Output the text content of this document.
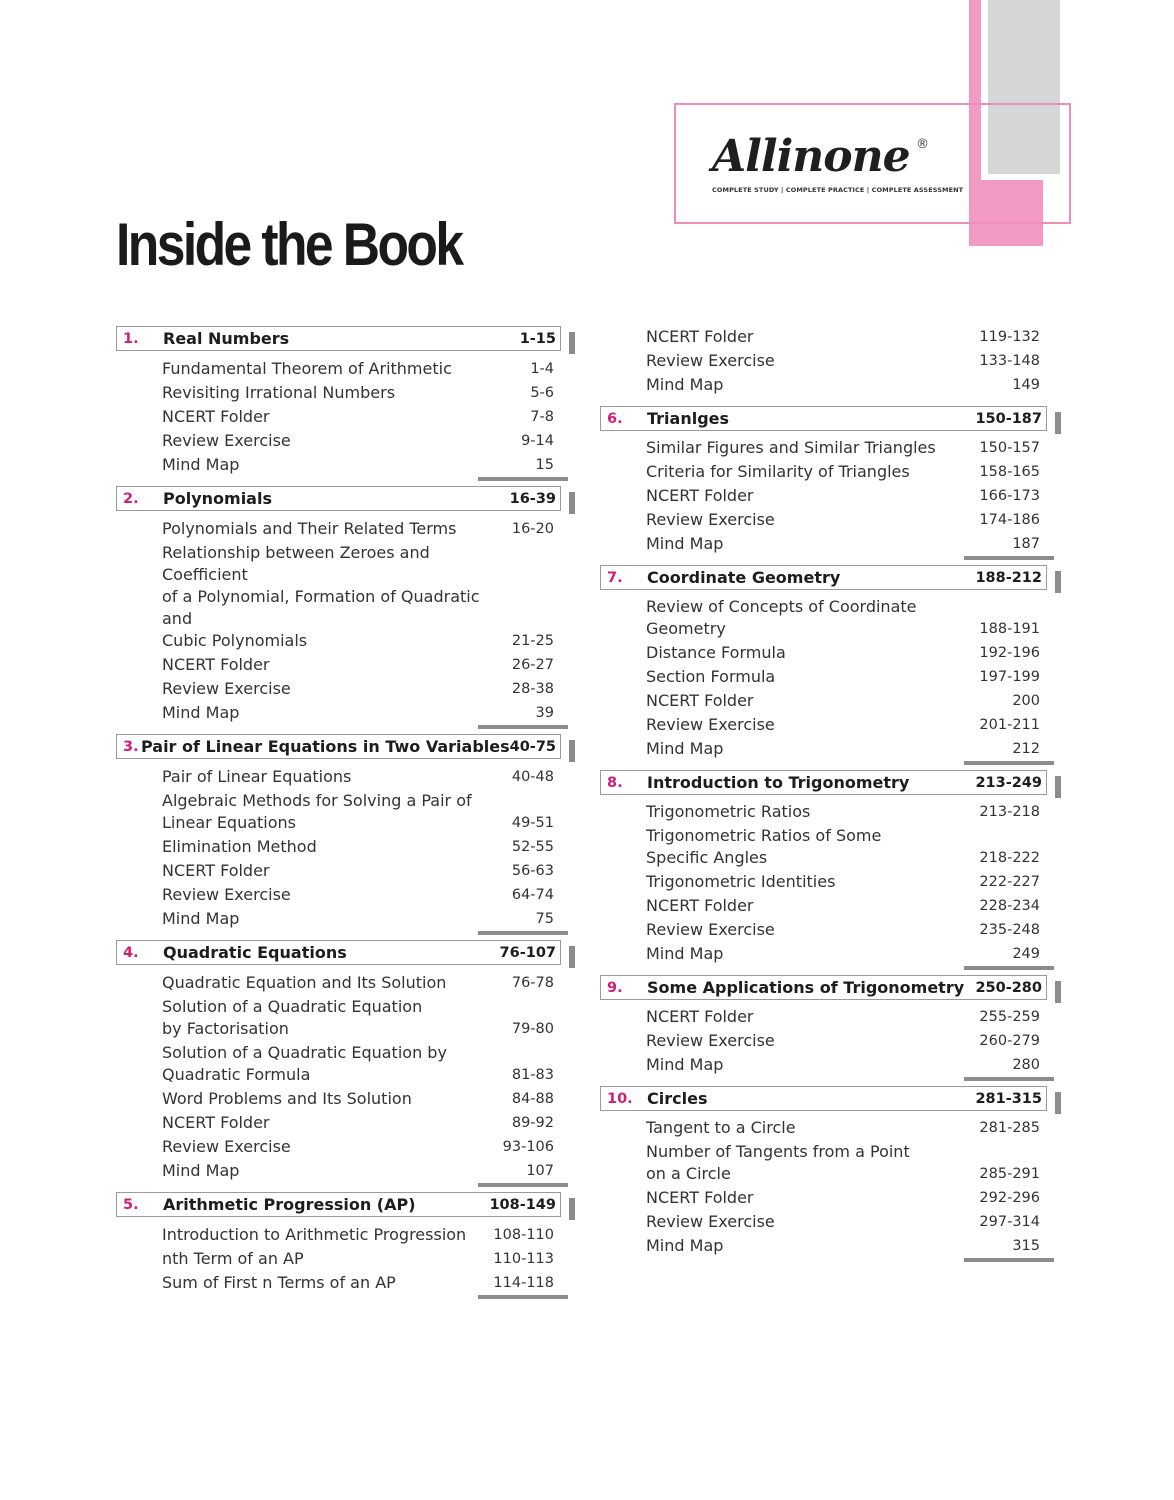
Allinone ®
COMPLETE STUDY | COMPLETE PRACTICE | COMPLETE ASSESSMENT
Inside the Book
1.	Real Numbers	1-15
Fundamental Theorem of Arithmetic	1-4
Revisiting Irrational Numbers	5-6
NCERT Folder	7-8
Review Exercise	9-14
Mind Map	15
2.	Polynomials	16-39
Polynomials and Their Related Terms	16-20
Relationship between Zeroes and Coefficient
of a Polynomial, Formation of Quadratic and
Cubic Polynomials	21-25
NCERT Folder	26-27
Review Exercise	28-38
Mind Map	39
3. Pair of Linear Equations in Two Variables 40-75
Pair of Linear Equations	40-48
Algebraic Methods for Solving a Pair of
Linear Equations	49-51
Elimination Method	52-55
NCERT Folder	56-63
Review Exercise	64-74
Mind Map	75
4.	Quadratic Equations	76-107
Quadratic Equation and Its Solution	76-78
Solution of a Quadratic Equation
by Factorisation	79-80
Solution of a Quadratic Equation by
Quadratic Formula	81-83
Word Problems and Its Solution	84-88
NCERT Folder	89-92
Review Exercise	93-106
Mind Map	107
5.	Arithmetic Progression (AP)	108-149
Introduction to Arithmetic Progression	108-110
nth Term of an AP	110-113
Sum of First n Terms of an AP	114-118
NCERT Folder	119-132
Review Exercise	133-148
Mind Map	149
6.	Trianlges	150-187
Similar Figures and Similar Triangles	150-157
Criteria for Similarity of Triangles	158-165
NCERT Folder	166-173
Review Exercise	174-186
Mind Map	187
7.	Coordinate Geometry	188-212
Review of Concepts of Coordinate Geometry	188-191
Distance Formula	192-196
Section Formula	197-199
NCERT Folder	200
Review Exercise	201-211
Mind Map	212
8.	Introduction to Trigonometry	213-249
Trigonometric Ratios	213-218
Trigonometric Ratios of Some
Specific Angles	218-222
Trigonometric Identities	222-227
NCERT Folder	228-234
Review Exercise	235-248
Mind Map	249
9.	Some Applications of Trigonometry 250-280
NCERT Folder	255-259
Review Exercise	260-279
Mind Map	280
10. Circles	281-315
Tangent to a Circle	281-285
Number of Tangents from a Point
on a Circle	285-291
NCERT Folder	292-296
Review Exercise	297-314
Mind Map	315
